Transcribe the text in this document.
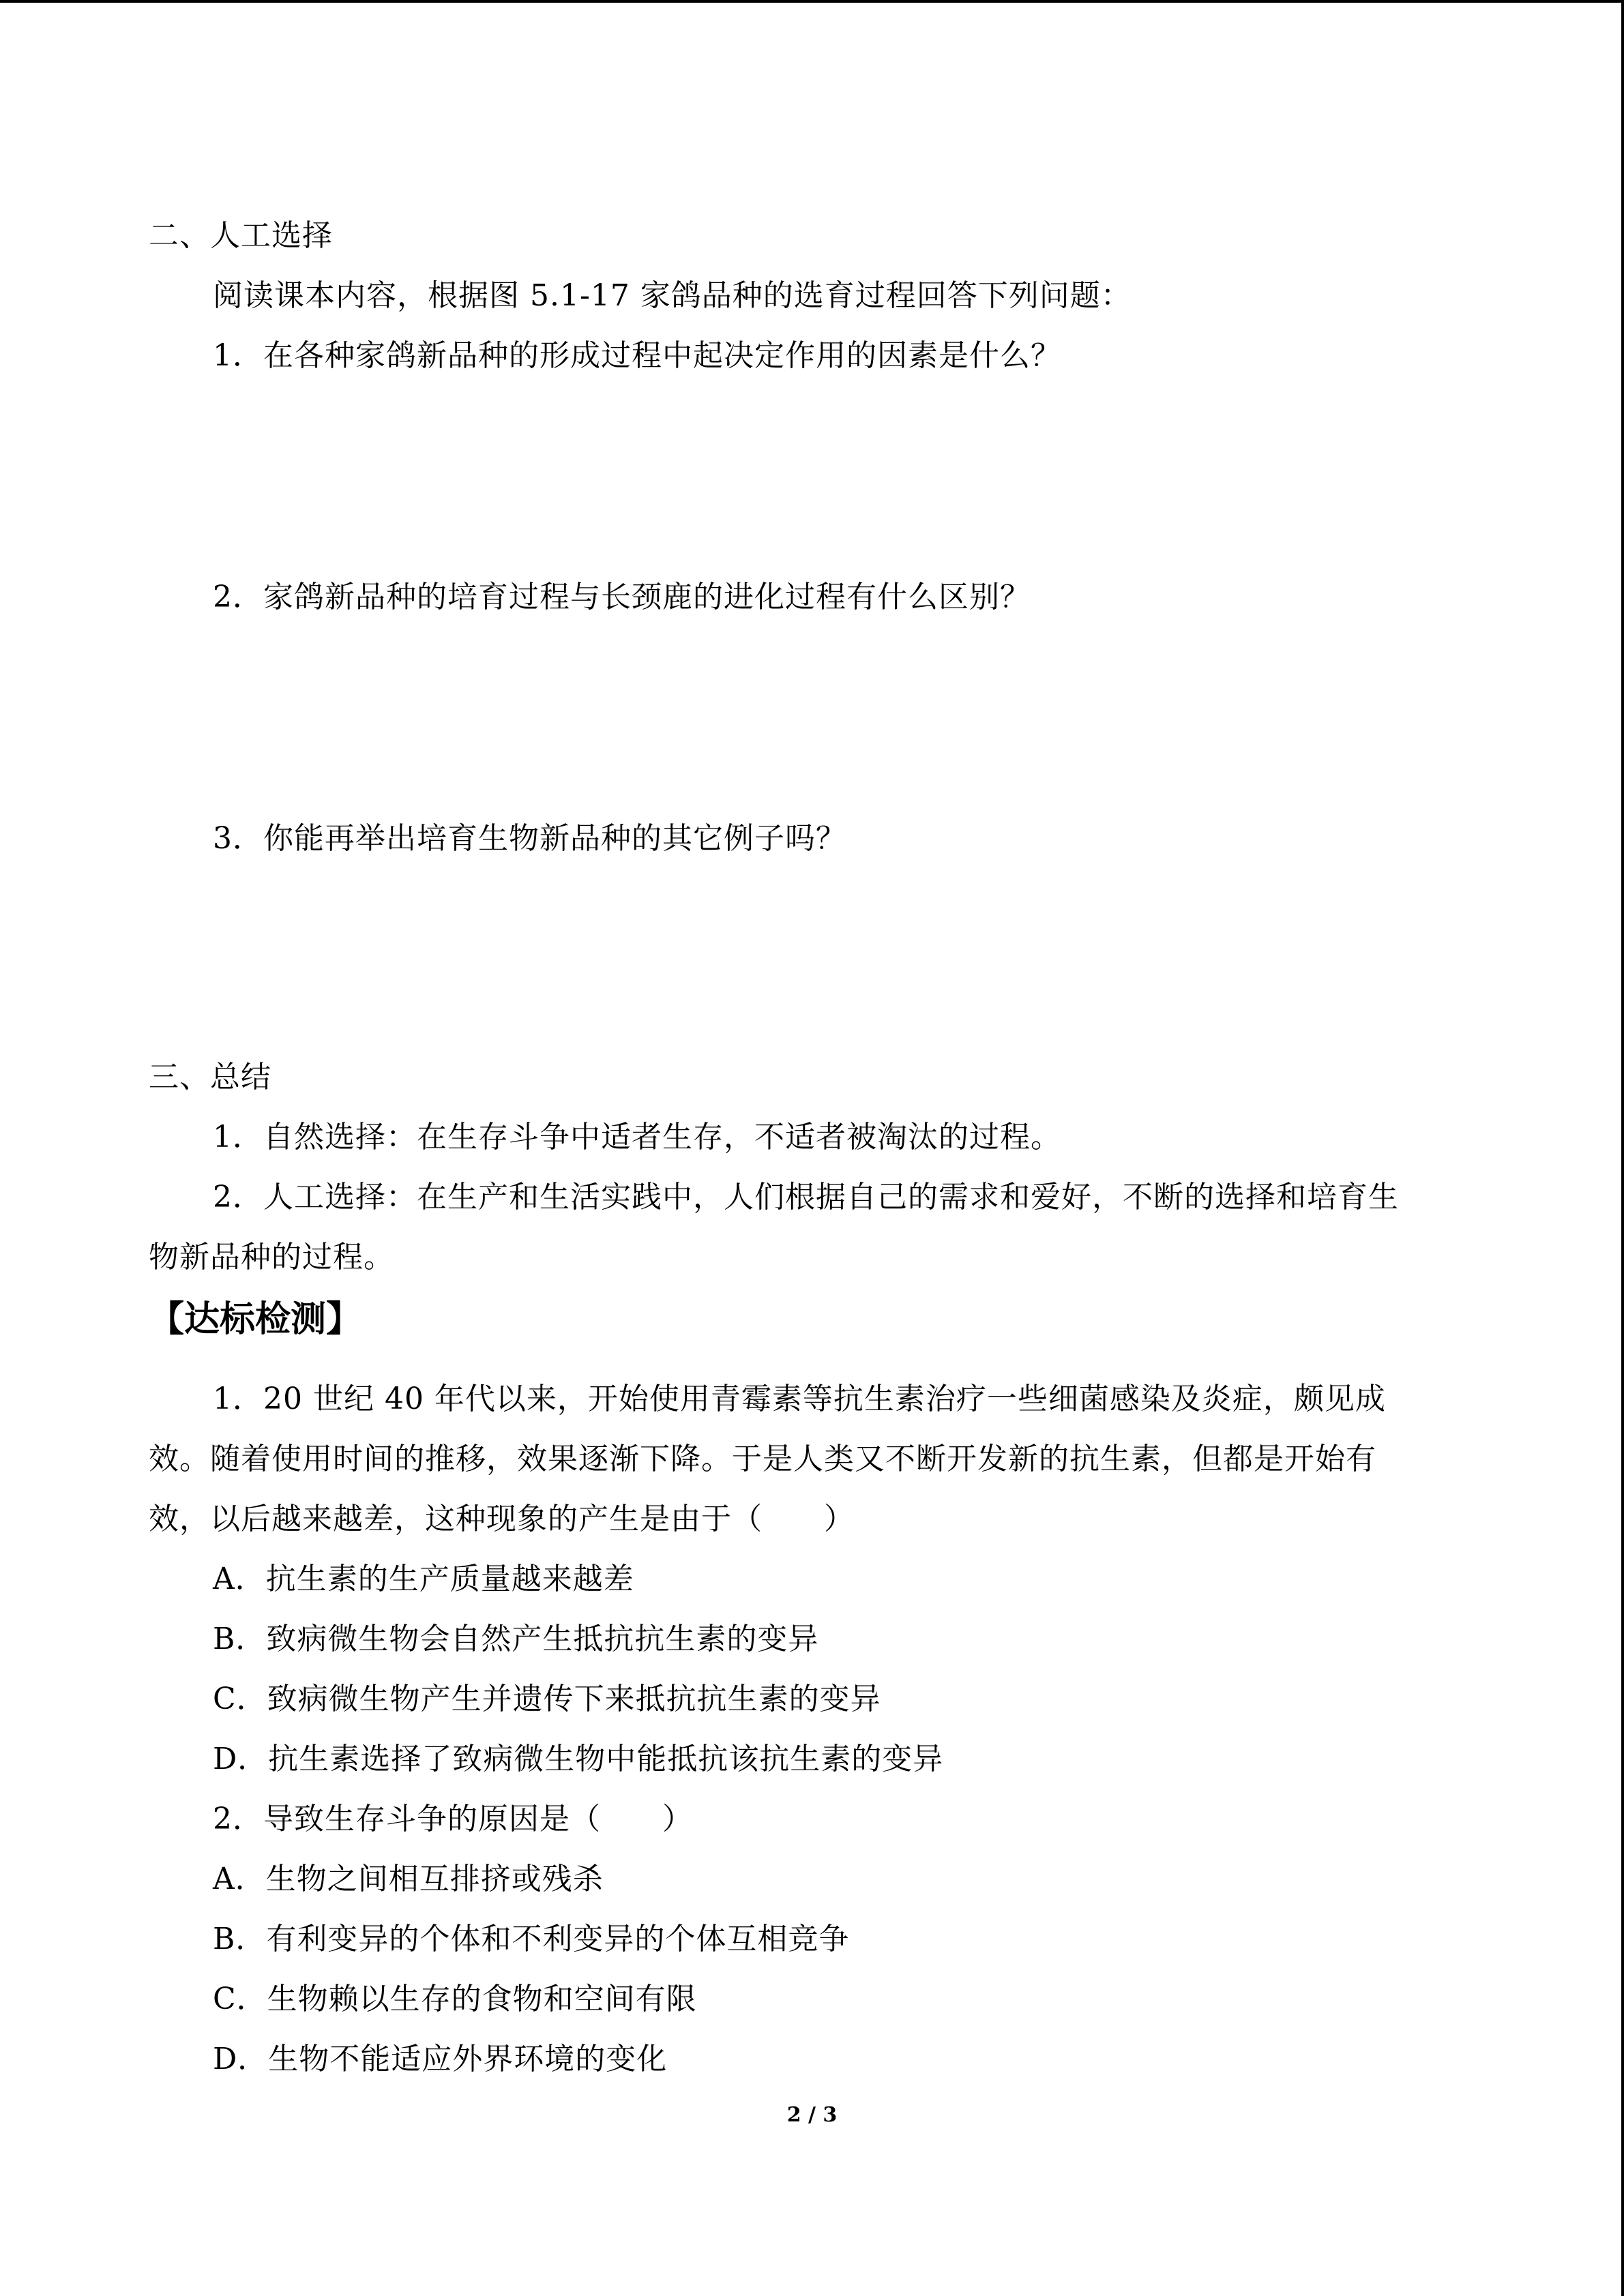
二、人工选择
阅读课本内容，根据图 5.1-17 家鸽品种的选育过程回答下列问题：
1．在各种家鸽新品种的形成过程中起决定作用的因素是什么？
2．家鸽新品种的培育过程与长颈鹿的进化过程有什么区别？
3．你能再举出培育生物新品种的其它例子吗？
三、总结
1．自然选择：在生存斗争中适者生存，不适者被淘汰的过程。
2．人工选择：在生产和生活实践中，人们根据自己的需求和爱好，不断的选择和培育生
物新品种的过程。
【达标检测】
1．20 世纪 40 年代以来，开始使用青霉素等抗生素治疗一些细菌感染及炎症，颇见成
效。随着使用时间的推移，效果逐渐下降。于是人类又不断开发新的抗生素，但都是开始有
效，以后越来越差，这种现象的产生是由于（　　）
A．抗生素的生产质量越来越差
B．致病微生物会自然产生抵抗抗生素的变异
C．致病微生物产生并遗传下来抵抗抗生素的变异
D．抗生素选择了致病微生物中能抵抗该抗生素的变异
2．导致生存斗争的原因是（　　）
A．生物之间相互排挤或残杀
B．有利变异的个体和不利变异的个体互相竞争
C．生物赖以生存的食物和空间有限
D．生物不能适应外界环境的变化
2 / 3
